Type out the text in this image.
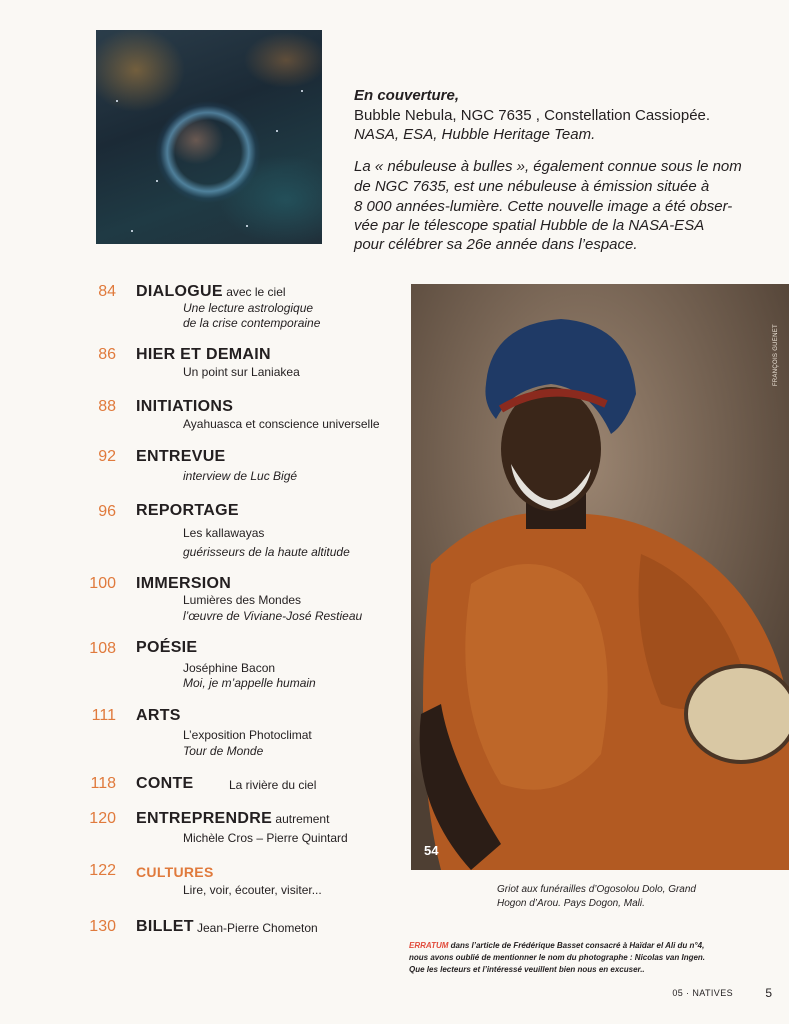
En couverture,
Bubble Nebula, NGC 7635 , Constellation Cassiopée.
NASA, ESA, Hubble Heritage Team.
La « nébuleuse à bulles », également connue sous le nom
de NGC 7635, est une nébuleuse à émission située à
8 000 années-lumière. Cette nouvelle image a été obser-
vée par le télescope spatial Hubble de la NASA-ESA
pour célébrer sa 26e année dans l’espace.
84 DIALOGUE avec le ciel
Une lecture astrologique
de la crise contemporaine
86 HIER ET DEMAIN
Un point sur Laniakea
88 INITIATIONS
Ayahuasca et conscience universelle
92 ENTREVUE
interview de Luc Bigé
96 REPORTAGE
Les kallawayas
guérisseurs de la haute altitude
100 IMMERSION
Lumières des Mondes
l’œuvre de Viviane-José Restieau
108 POÉSIE
Joséphine Bacon
Moi, je m’appelle humain
111 ARTS
L’exposition Photoclimat
Tour de Monde
118 CONTE	La rivière du ciel
120 ENTREPRENDRE autrement
Michèle Cros – Pierre Quintard
122 CULTURES
Lire, voir, écouter, visiter...
130 BILLET Jean-Pierre Chometon
FRANÇOIS GUÉNET
54
Griot aux funérailles d’Ogosolou Dolo, Grand
Hogon d’Arou. Pays Dogon, Mali.
ERRATUM dans l’article de Frédérique Basset consacré à Haïdar el Ali du n°4,
nous avons oublié de mentionner le nom du photographe : Nicolas van Ingen.
Que les lecteurs et l’intéressé veuillent bien nous en excuser..
05 · NATIVES	5
